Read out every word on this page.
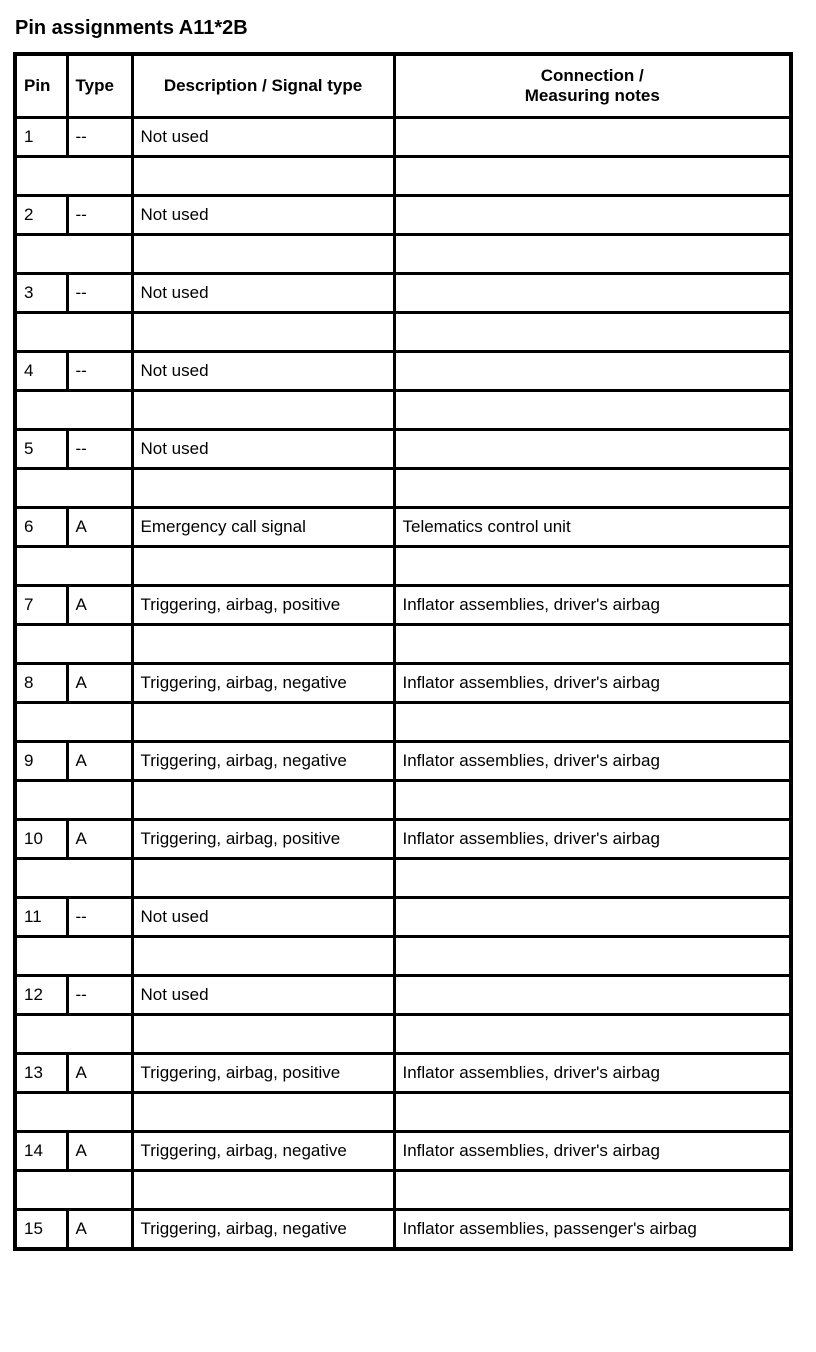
Pin assignments A11*2B
Pin	Type	Description / Signal type	Connection /
Measuring notes

1	--	Not used	

2	--	Not used	

3	--	Not used	

4	--	Not used	

5	--	Not used	

6	A	Emergency call signal	Telematics control unit

7	A	Triggering, airbag, positive	Inflator assemblies, driver's airbag

8	A	Triggering, airbag, negative	Inflator assemblies, driver's airbag

9	A	Triggering, airbag, negative	Inflator assemblies, driver's airbag

10	A	Triggering, airbag, positive	Inflator assemblies, driver's airbag

11	--	Not used	

12	--	Not used	

13	A	Triggering, airbag, positive	Inflator assemblies, driver's airbag

14	A	Triggering, airbag, negative	Inflator assemblies, driver's airbag

15	A	Triggering, airbag, negative	Inflator assemblies, passenger's airbag
